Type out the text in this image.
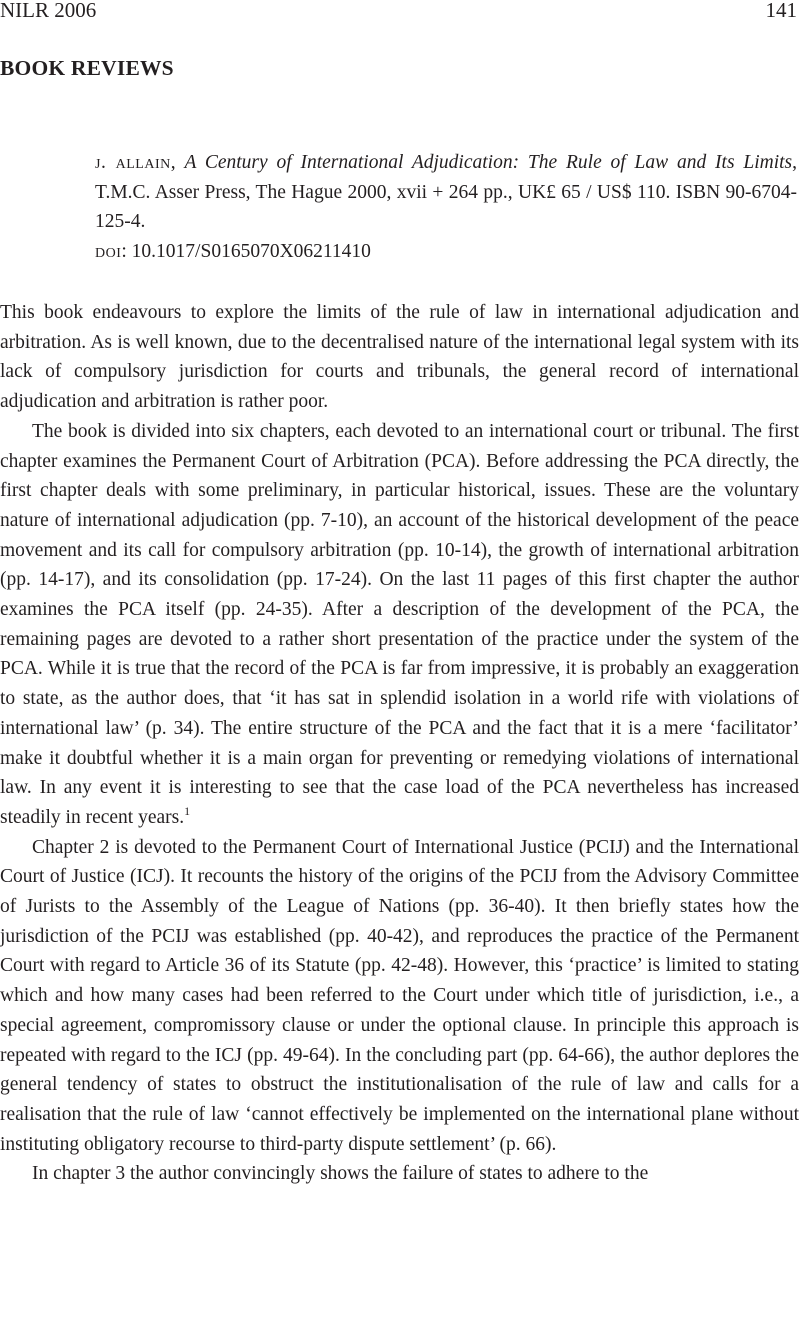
NILR 2006	141
BOOK REVIEWS

j. allain, A Century of International Adjudication: The Rule of Law and Its Limits, T.M.C. Asser Press, The Hague 2000, xvii + 264 pp., UK£ 65 / US$ 110. ISBN 90-6704-125-4.

doi: 10.1017/S0165070X06211410

This book endeavours to explore the limits of the rule of law in international adjudication and arbitration. As is well known, due to the decentralised nature of the international legal system with its lack of compulsory jurisdiction for courts and tribunals, the general record of international adjudication and arbitration is rather poor.

The book is divided into six chapters, each devoted to an international court or tribunal. The first chapter examines the Permanent Court of Arbitration (PCA). Before addressing the PCA directly, the first chapter deals with some preliminary, in particular historical, issues. These are the voluntary nature of international adjudication (pp. 7-10), an account of the historical development of the peace movement and its call for compulsory arbitration (pp. 10-14), the growth of international arbitration (pp. 14-17), and its consolidation (pp. 17-24). On the last 11 pages of this first chapter the author examines the PCA itself (pp. 24-35). After a description of the development of the PCA, the remaining pages are devoted to a rather short presentation of the practice under the system of the PCA. While it is true that the record of the PCA is far from impressive, it is probably an exaggeration to state, as the author does, that ‘it has sat in splendid isolation in a world rife with violations of international law’ (p. 34). The entire structure of the PCA and the fact that it is a mere ‘facilitator’ make it doubtful whether it is a main organ for preventing or remedying violations of international law. In any event it is interesting to see that the case load of the PCA nevertheless has increased steadily in recent years.$^1$

Chapter 2 is devoted to the Permanent Court of International Justice (PCIJ) and the International Court of Justice (ICJ). It recounts the history of the origins of the PCIJ from the Advisory Committee of Jurists to the Assembly of the League of Nations (pp. 36-40). It then briefly states how the jurisdiction of the PCIJ was established (pp. 40-42), and reproduces the practice of the Permanent Court with regard to Article 36 of its Statute (pp. 42-48). However, this ‘practice’ is limited to stating which and how many cases had been referred to the Court under which title of jurisdiction, i.e., a special agreement, compromissory clause or under the optional clause. In principle this approach is repeated with regard to the ICJ (pp. 49-64). In the concluding part (pp. 64-66), the author deplores the general tendency of states to obstruct the institutionalisation of the rule of law and calls for a realisation that the rule of law ‘cannot effectively be implemented on the international plane without instituting obligatory recourse to third-party dispute settlement’ (p. 66).

In chapter 3 the author convincingly shows the failure of states to adhere to the
